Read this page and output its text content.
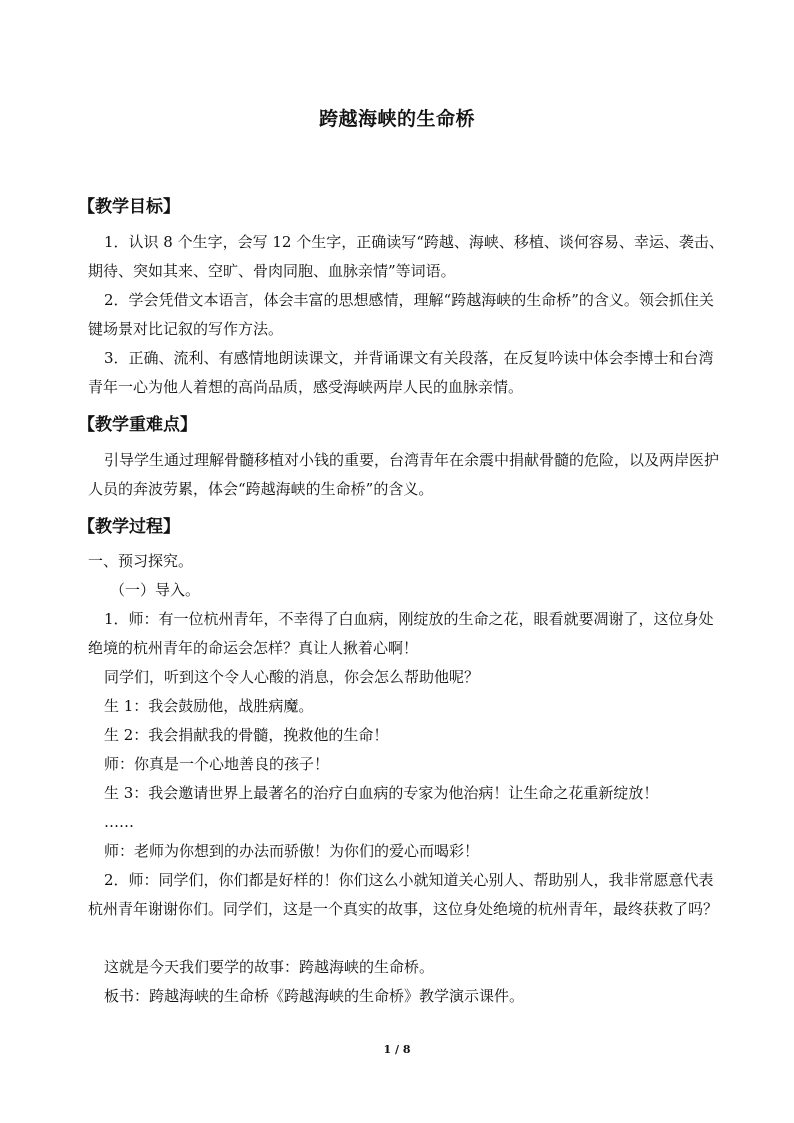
跨越海峡的生命桥
【教学目标】
1．认识 8 个生字，会写 12 个生字，正确读写“跨越、海峡、移植、谈何容易、幸运、袭击、期待、突如其来、空旷、骨肉同胞、血脉亲情”等词语。
2．学会凭借文本语言，体会丰富的思想感情，理解“跨越海峡的生命桥”的含义。领会抓住关键场景对比记叙的写作方法。
3．正确、流利、有感情地朗读课文，并背诵课文有关段落，在反复吟读中体会李博士和台湾青年一心为他人着想的高尚品质，感受海峡两岸人民的血脉亲情。
【教学重难点】
引导学生通过理解骨髓移植对小钱的重要，台湾青年在余震中捐献骨髓的危险，以及两岸医护人员的奔波劳累，体会“跨越海峡的生命桥”的含义。
【教学过程】
一、预习探究。
（一）导入。
1．师：有一位杭州青年，不幸得了白血病，刚绽放的生命之花，眼看就要凋谢了，这位身处绝境的杭州青年的命运会怎样？真让人揪着心啊！
同学们，听到这个令人心酸的消息，你会怎么帮助他呢？
生 1：我会鼓励他，战胜病魔。
生 2：我会捐献我的骨髓，挽救他的生命！
师：你真是一个心地善良的孩子！
生 3：我会邀请世界上最著名的治疗白血病的专家为他治病！让生命之花重新绽放！
……
师：老师为你想到的办法而骄傲！为你们的爱心而喝彩！
2．师：同学们，你们都是好样的！你们这么小就知道关心别人、帮助别人，我非常愿意代表杭州青年谢谢你们。同学们，这是一个真实的故事，这位身处绝境的杭州青年，最终获救了吗？
这就是今天我们要学的故事：跨越海峡的生命桥。
板书：跨越海峡的生命桥《跨越海峡的生命桥》教学演示课件。
1 / 8
